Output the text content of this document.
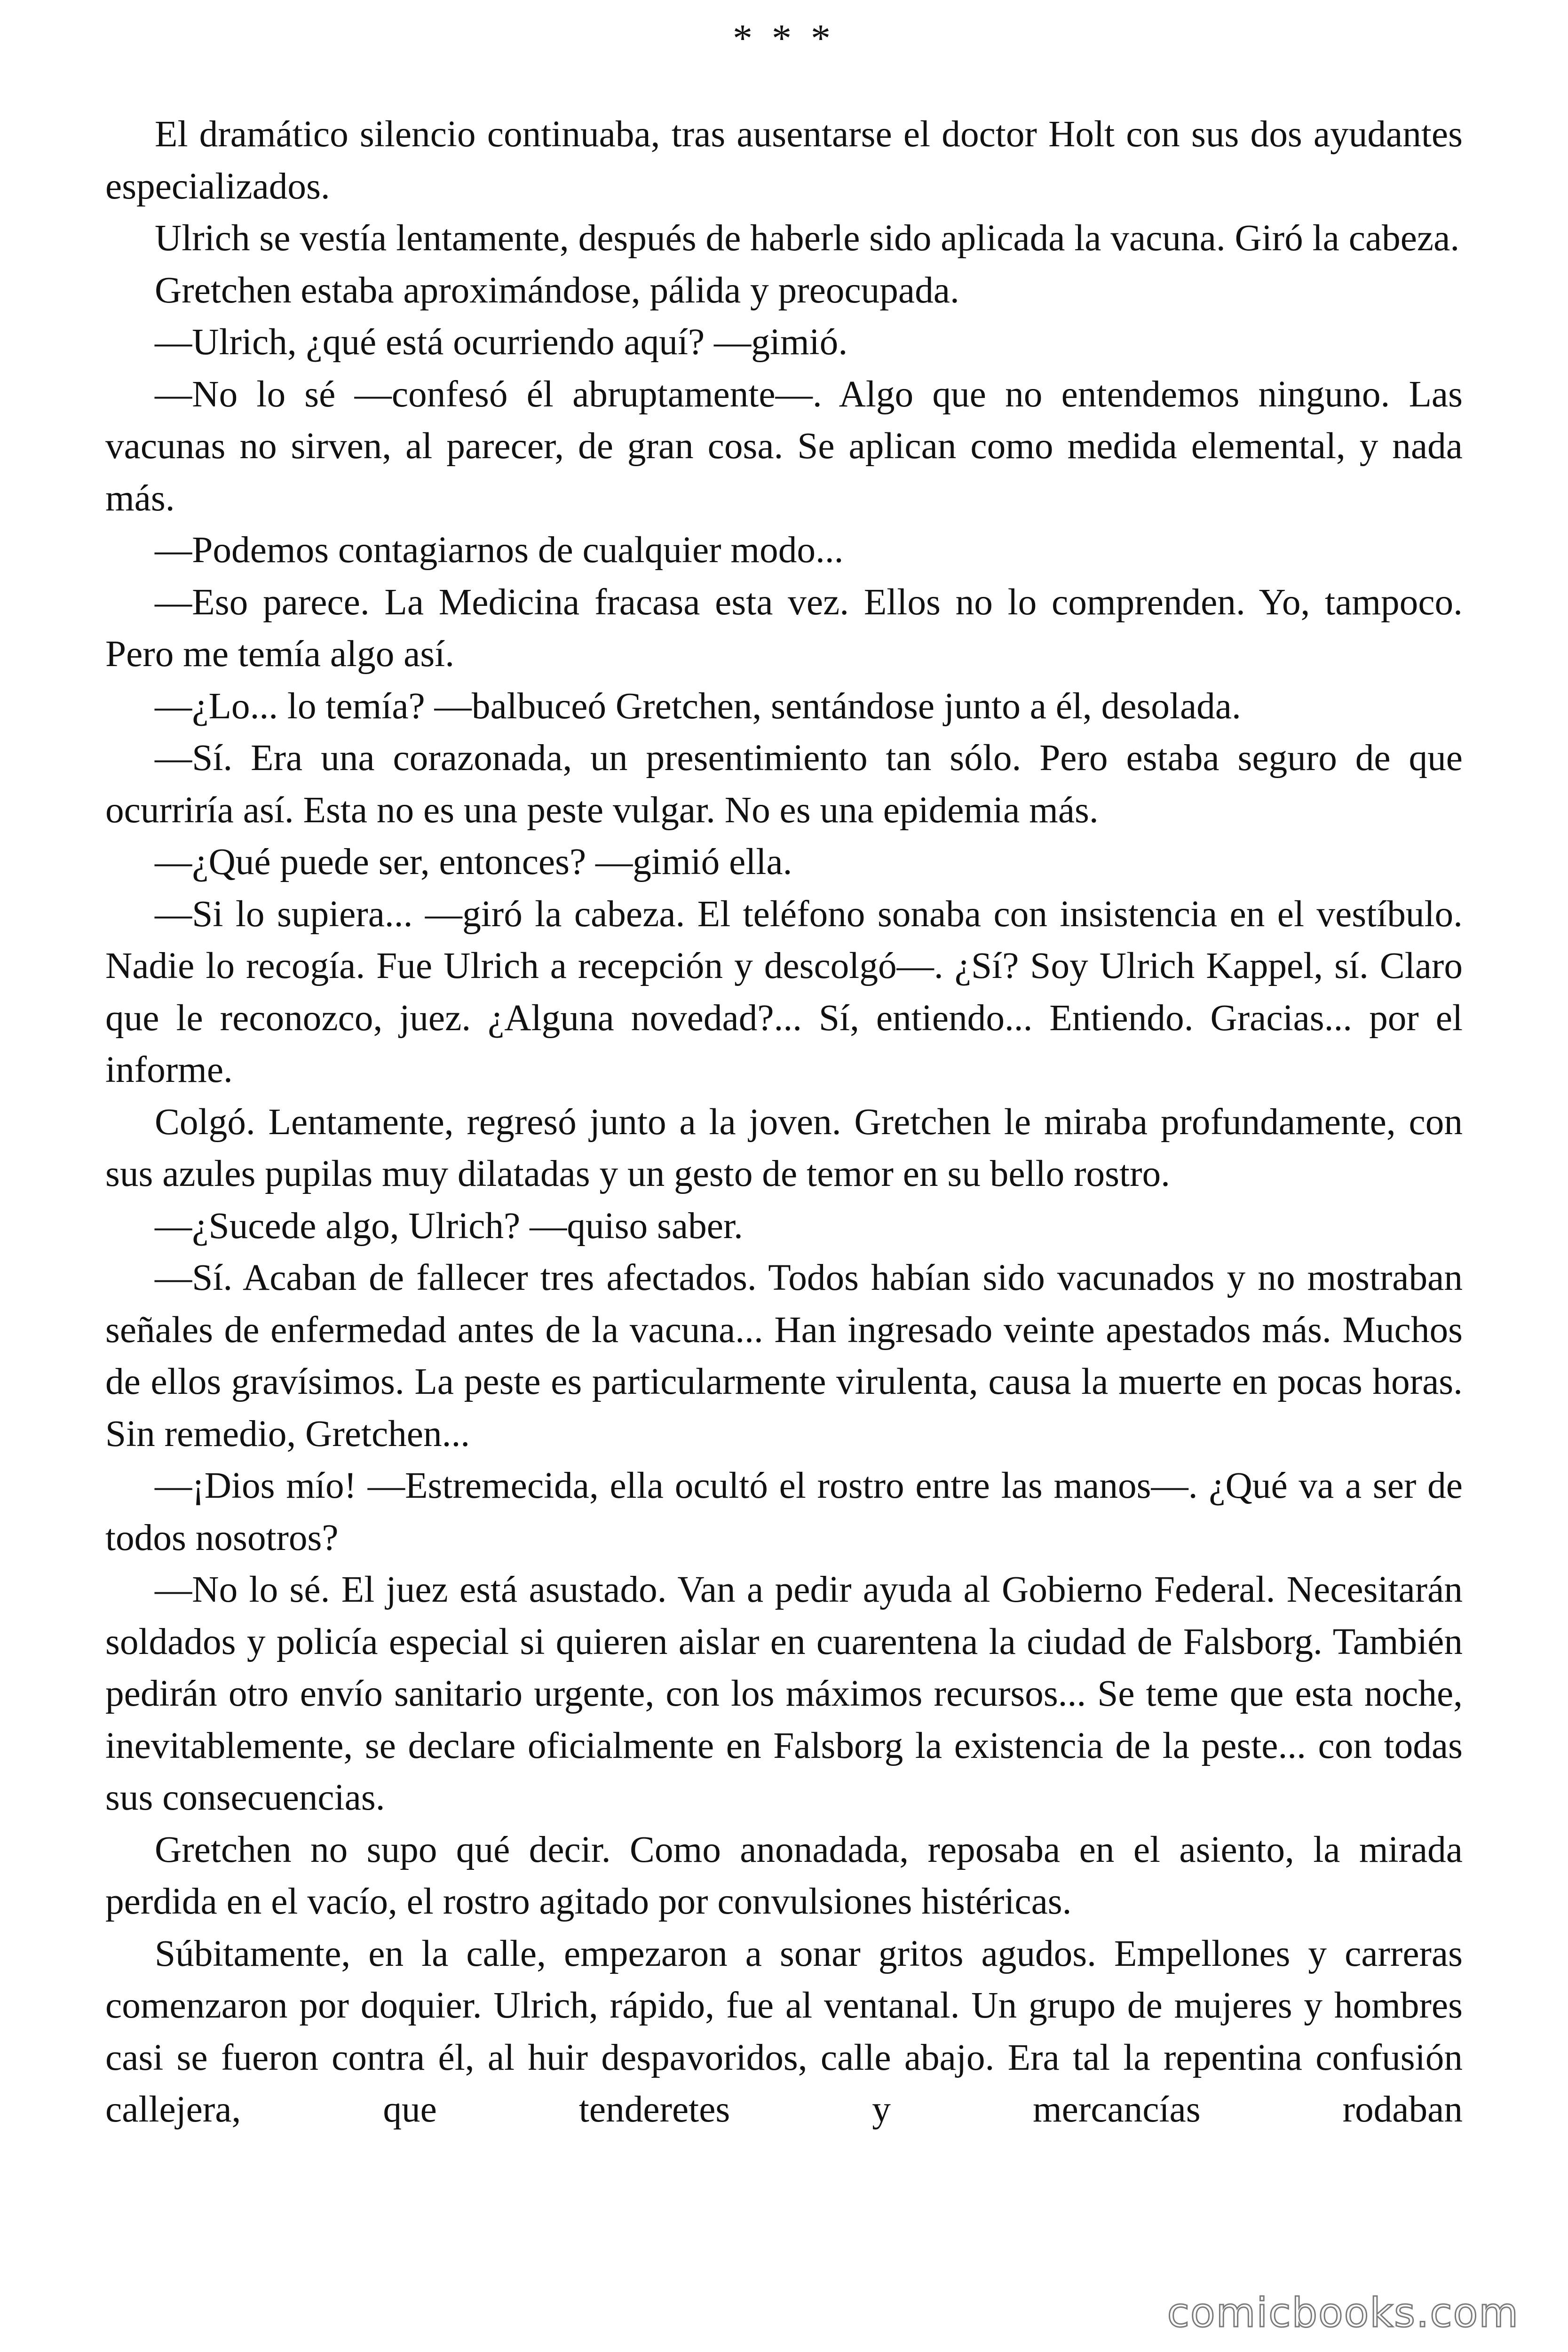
* * *

El dramático silencio continuaba, tras ausentarse el doctor Holt con sus dos ayudantes especializados.

Ulrich se vestía lentamente, después de haberle sido aplicada la vacuna. Giró la cabeza.

Gretchen estaba aproximándose, pálida y preocupada.

—Ulrich, ¿qué está ocurriendo aquí? —gimió.

—No lo sé —confesó él abruptamente—. Algo que no entendemos ninguno. Las vacunas no sirven, al parecer, de gran cosa. Se aplican como medida elemental, y nada más.

—Podemos contagiarnos de cualquier modo...

—Eso parece. La Medicina fracasa esta vez. Ellos no lo comprenden. Yo, tampoco. Pero me temía algo así.

—¿Lo... lo temía? —balbuceó Gretchen, sentándose junto a él, desolada.

—Sí. Era una corazonada, un presentimiento tan sólo. Pero estaba seguro de que ocurriría así. Esta no es una peste vulgar. No es una epidemia más.

—¿Qué puede ser, entonces? —gimió ella.

—Si lo supiera... —giró la cabeza. El teléfono sonaba con insistencia en el vestíbulo. Nadie lo recogía. Fue Ulrich a recepción y descolgó—. ¿Sí? Soy Ulrich Kappel, sí. Claro que le reconozco, juez. ¿Alguna novedad?... Sí, entiendo... Entiendo. Gracias... por el informe.

Colgó. Lentamente, regresó junto a la joven. Gretchen le miraba profundamente, con sus azules pupilas muy dilatadas y un gesto de temor en su bello rostro.

—¿Sucede algo, Ulrich? —quiso saber.

—Sí. Acaban de fallecer tres afectados. Todos habían sido vacunados y no mostraban señales de enfermedad antes de la vacuna... Han ingresado veinte apestados más. Muchos de ellos gravísimos. La peste es particularmente virulenta, causa la muerte en pocas horas. Sin remedio, Gretchen...

—¡Dios mío! —Estremecida, ella ocultó el rostro entre las manos—. ¿Qué va a ser de todos nosotros?

—No lo sé. El juez está asustado. Van a pedir ayuda al Gobierno Federal. Necesitarán soldados y policía especial si quieren aislar en cuarentena la ciudad de Falsborg. También pedirán otro envío sanitario urgente, con los máximos recursos... Se teme que esta noche, inevitablemente, se declare oficialmente en Falsborg la existencia de la peste... con todas sus consecuencias.

Gretchen no supo qué decir. Como anonadada, reposaba en el asiento, la mirada perdida en el vacío, el rostro agitado por convulsiones histéricas.

Súbitamente, en la calle, empezaron a sonar gritos agudos. Empellones y carreras comenzaron por doquier. Ulrich, rápido, fue al ventanal. Un grupo de mujeres y hombres casi se fueron contra él, al huir despavoridos, calle abajo. Era tal la repentina confusión callejera, que tenderetes y mercancías rodaban

comicbooks.com
